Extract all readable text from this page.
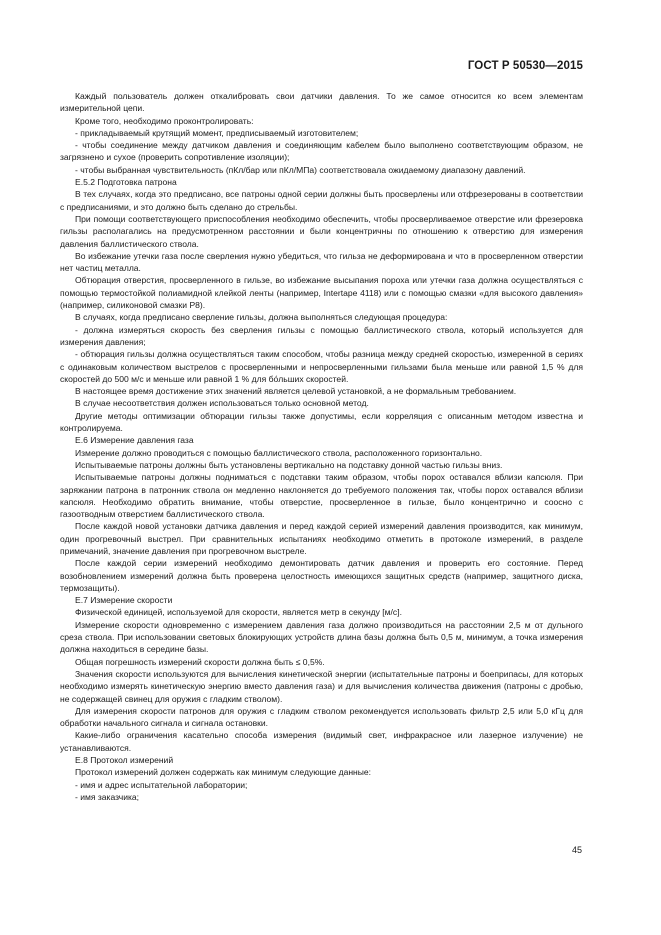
ГОСТ Р 50530—2015

Каждый пользователь должен откалибровать свои датчики давления. То же самое относится ко всем элементам измерительной цепи.

Кроме того, необходимо проконтролировать:

- прикладываемый крутящий момент, предписываемый изготовителем;

- чтобы соединение между датчиком давления и соединяющим кабелем было выполнено соответствующим образом, не загрязнено и сухое (проверить сопротивление изоляции);

- чтобы выбранная чувствительность (пКл/бар или пКл/МПа) соответствовала ожидаемому диапазону давлений.

Е.5.2 Подготовка патрона

В тех случаях, когда это предписано, все патроны одной серии должны быть просверлены или отфрезерованы в соответствии с предписаниями, и это должно быть сделано до стрельбы.

При помощи соответствующего приспособления необходимо обеспечить, чтобы просверливаемое отверстие или фрезеровка гильзы располагались на предусмотренном расстоянии и были концентричны по отношению к отверстию для измерения давления баллистического ствола.

Во избежание утечки газа после сверления нужно убедиться, что гильза не деформирована и что в просверленном отверстии нет частиц металла.

Обтюрация отверстия, просверленного в гильзе, во избежание высыпания пороха или утечки газа должна осуществляться с помощью термостойкой полиамидной клейкой ленты (например, Intertape 4118) или с помощью смазки «для высокого давления» (например, силиконовой смазки Р8).

В случаях, когда предписано сверление гильзы, должна выполняться следующая процедура:

- должна измеряться скорость без сверления гильзы с помощью баллистического ствола, который используется для измерения давления;

- обтюрация гильзы должна осуществляться таким способом, чтобы разница между средней скоростью, измеренной в сериях с одинаковым количеством выстрелов с просверленными и непросверленными гильзами была меньше или равной 1,5 % для скоростей до 500 м/с и меньше или равной 1 % для бо́льших скоростей.

В настоящее время достижение этих значений является целевой установкой, а не формальным требованием.

В случае несоответствия должен использоваться только основной метод.

Другие методы оптимизации обтюрации гильзы также допустимы, если корреляция с описанным методом известна и контролируема.

Е.6 Измерение давления газа

Измерение должно проводиться с помощью баллистического ствола, расположенного горизонтально.

Испытываемые патроны должны быть установлены вертикально на подставку донной частью гильзы вниз.

Испытываемые патроны должны подниматься с подставки таким образом, чтобы порох оставался вблизи капсюля. При заряжании патрона в патронник ствола он медленно наклоняется до требуемого положения так, чтобы порох оставался вблизи капсюля. Необходимо обратить внимание, чтобы отверстие, просверленное в гильзе, было концентрично и соосно с газоотводным отверстием баллистического ствола.

После каждой новой установки датчика давления и перед каждой серией измерений давления производится, как минимум, один прогревочный выстрел. При сравнительных испытаниях необходимо отметить в протоколе измерений, в разделе примечаний, значение давления при прогревочном выстреле.

После каждой серии измерений необходимо демонтировать датчик давления и проверить его состояние. Перед возобновлением измерений должна быть проверена целостность имеющихся защитных средств (например, защитного диска, термозащиты).

Е.7 Измерение скорости

Физической единицей, используемой для скорости, является метр в секунду [м/с].

Измерение скорости одновременно с измерением давления газа должно производиться на расстоянии 2,5 м от дульного среза ствола. При использовании световых блокирующих устройств длина базы должна быть 0,5 м, минимум, а точка измерения должна находиться в середине базы.

Общая погрешность измерений скорости должна быть ≤ 0,5%.

Значения скорости используются для вычисления кинетической энергии (испытательные патроны и боеприпасы, для которых необходимо измерять кинетическую энергию вместо давления газа) и для вычисления количества движения (патроны с дробью, не содержащей свинец для оружия с гладким стволом).

Для измерения скорости патронов для оружия с гладким стволом рекомендуется использовать фильтр 2,5 или 5,0 кГц для обработки начального сигнала и сигнала остановки.

Какие-либо ограничения касательно способа измерения (видимый свет, инфракрасное или лазерное излучение) не устанавливаются.

Е.8 Протокол измерений

Протокол измерений должен содержать как минимум следующие данные:

- имя и адрес испытательной лаборатории;

- имя заказчика;

45
